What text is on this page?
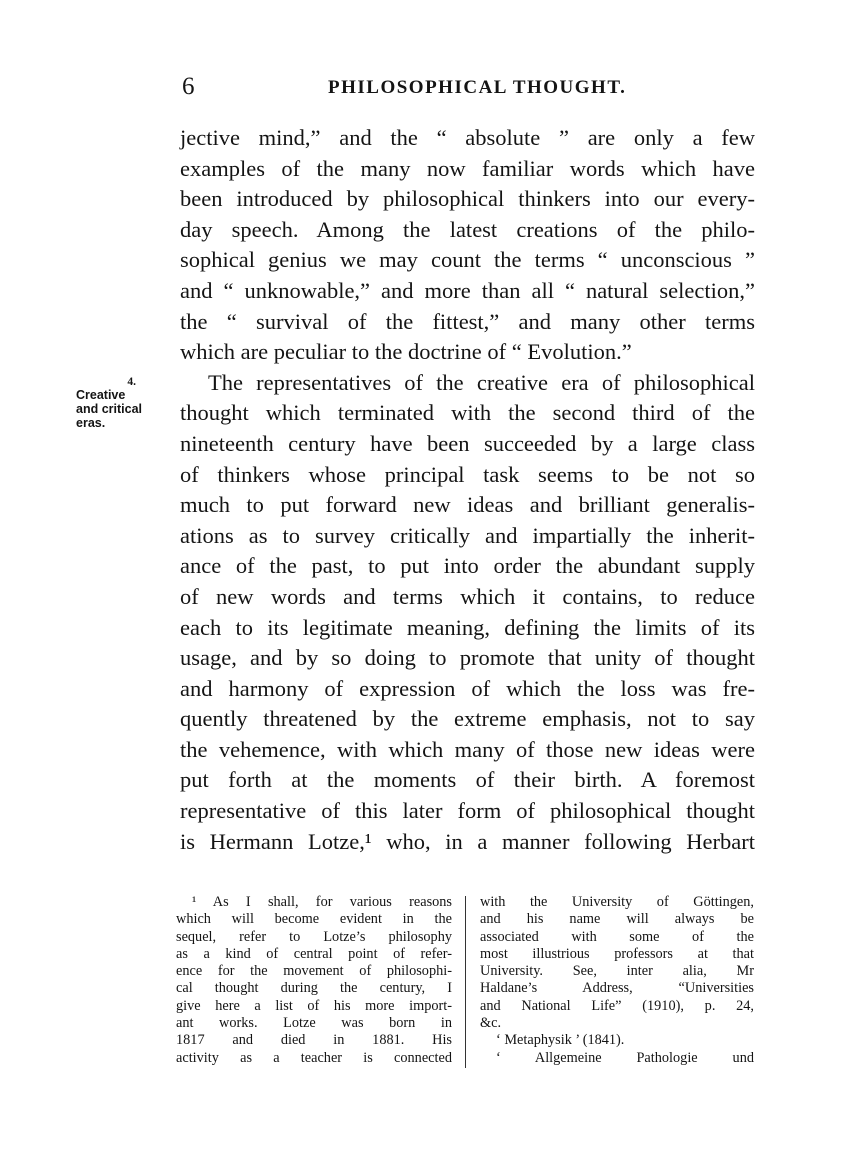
6	PHILOSOPHICAL THOUGHT.
4.
Creative
and critical
eras.
jective mind,” and the “ absolute ” are only a few
examples of the many now familiar words which have
been introduced by philosophical thinkers into our every-
day speech. Among the latest creations of the philo-
sophical genius we may count the terms “ unconscious ”
and “ unknowable,” and more than all “ natural selection,”
the “ survival of the fittest,” and many other terms
which are peculiar to the doctrine of “ Evolution.”
The representatives of the creative era of philosophical
thought which terminated with the second third of the
nineteenth century have been succeeded by a large class
of thinkers whose principal task seems to be not so
much to put forward new ideas and brilliant generalis-
ations as to survey critically and impartially the inherit-
ance of the past, to put into order the abundant supply
of new words and terms which it contains, to reduce
each to its legitimate meaning, defining the limits of its
usage, and by so doing to promote that unity of thought
and harmony of expression of which the loss was fre-
quently threatened by the extreme emphasis, not to say
the vehemence, with which many of those new ideas were
put forth at the moments of their birth. A foremost
representative of this later form of philosophical thought
is Hermann Lotze,¹ who, in a manner following Herbart
¹ As I shall, for various reasons
which will become evident in the
sequel, refer to Lotze’s philosophy
as a kind of central point of refer-
ence for the movement of philosophi-
cal thought during the century, I
give here a list of his more import-
ant works. Lotze was born in
1817 and died in 1881. His
activity as a teacher is connected
with the University of Göttingen,
and his name will always be
associated with some of the
most illustrious professors at that
University. See, inter alia, Mr
Haldane’s Address, “Universities
and National Life” (1910), p. 24,
&c.
‘ Metaphysik ’ (1841).
‘ Allgemeine Pathologie und
